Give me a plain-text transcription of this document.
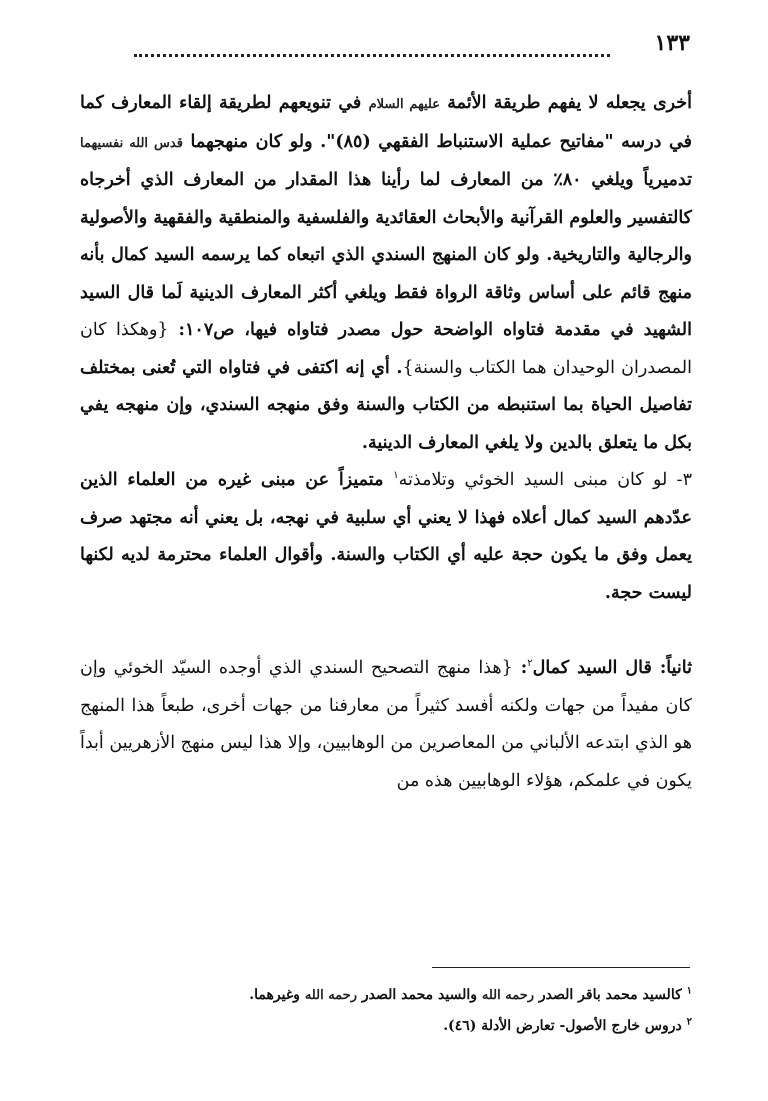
١٣٣

أخرى يجعله لا يفهم طريقة الأئمة عليهم السلام في تنويعهم لطريقة إلقاء المعارف كما في درسه "مفاتيح عملية الاستنباط الفقهي (٨٥)". ولو كان منهجهما قدس الله نفسيهما تدميرياً ويلغي ٨٠٪ من المعارف لما رأينا هذا المقدار من المعارف الذي أخرجاه كالتفسير والعلوم القرآنية والأبحاث العقائدية والفلسفية والمنطقية والفقهية والأصولية والرجالية والتاريخية. ولو كان المنهج السندي الذي اتبعاه كما يرسمه السيد كمال بأنه منهج قائم على أساس وثاقة الرواة فقط ويلغي أكثر المعارف الدينية لَما قال السيد الشهيد في مقدمة فتاواه الواضحة حول مصدر فتاواه فيها، ص١٠٧: {وهكذا كان المصدران الوحيدان هما الكتاب والسنة}. أي إنه اكتفى في فتاواه التي تُعنى بمختلف تفاصيل الحياة بما استنبطه من الكتاب والسنة وفق منهجه السندي، وإن منهجه يفي بكل ما يتعلق بالدين ولا يلغي المعارف الدينية.

٣- لو كان مبنى السيد الخوئي وتلامذته$^١$ متميزاً عن مبنى غيره من العلماء الذين عدّدهم السيد كمال أعلاه فهذا لا يعني أي سلبية في نهجه، بل يعني أنه مجتهد صرف يعمل وفق ما يكون حجة عليه أي الكتاب والسنة. وأقوال العلماء محترمة لديه لكنها ليست حجة.

ثانياً: قال السيد كمال$^٢$: {هذا منهج التصحيح السندي الذي أوجده السيّد الخوئي وإن كان مفيداً من جهات ولكنه أفسد كثيراً من معارفنا من جهات أخرى، طبعاً هذا المنهج هو الذي ابتدعه الألباني من المعاصرين من الوهابيين، وإلا هذا ليس منهج الأزهريين أبداً يكون في علمكم، هؤلاء الوهابيين هذه من

$^١$ كالسيد محمد باقر الصدر رحمه الله والسيد محمد الصدر رحمه الله وغيرهما.

$^٢$ دروس خارج الأصول- تعارض الأدلة (٤٦).
